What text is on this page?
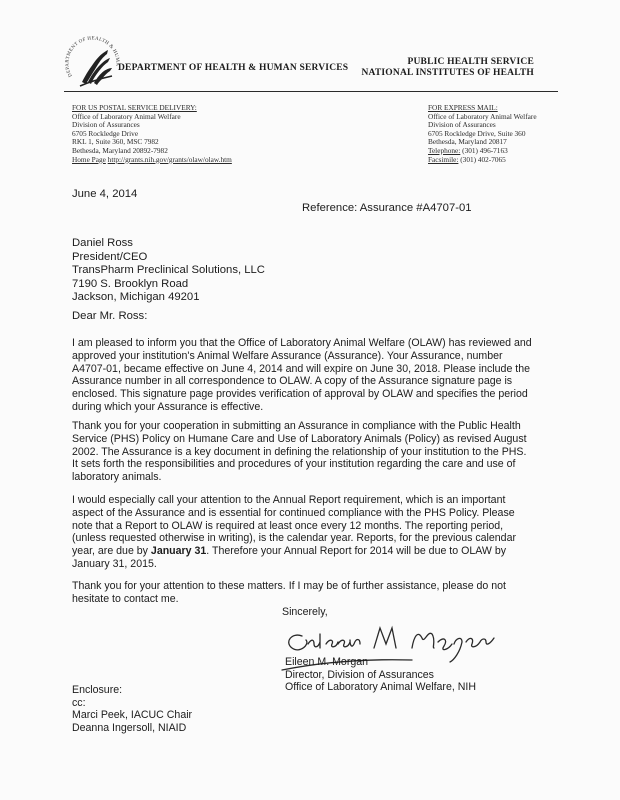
DEPARTMENT OF HEALTH & HUMA
DEPARTMENT OF HEALTH & HUMAN SERVICES
PUBLIC HEALTH SERVICE
NATIONAL INSTITUTES OF HEALTH
FOR US POSTAL SERVICE DELIVERY:
Office of Laboratory Animal Welfare
Division of Assurances
6705 Rockledge Drive
RKL 1, Suite 360, MSC 7982
Bethesda, Maryland 20892-7982
Home Page http://grants.nih.gov/grants/olaw/olaw.htm
FOR EXPRESS MAIL:
Office of Laboratory Animal Welfare
Division of Assurances
6705 Rockledge Drive, Suite 360
Bethesda, Maryland 20817
Telephone: (301) 496-7163
Facsimile: (301) 402-7065
June 4, 2014
Reference: Assurance #A4707-01
Daniel Ross
President/CEO
TransPharm Preclinical Solutions, LLC
7190 S. Brooklyn Road
Jackson, Michigan 49201
Dear Mr. Ross:
I am pleased to inform you that the Office of Laboratory Animal Welfare (OLAW) has reviewed and
approved your institution's Animal Welfare Assurance (Assurance). Your Assurance, number
A4707-01, became effective on June 4, 2014 and will expire on June 30, 2018. Please include the
Assurance number in all correspondence to OLAW. A copy of the Assurance signature page is
enclosed. This signature page provides verification of approval by OLAW and specifies the period
during which your Assurance is effective.
Thank you for your cooperation in submitting an Assurance in compliance with the Public Health
Service (PHS) Policy on Humane Care and Use of Laboratory Animals (Policy) as revised August
2002. The Assurance is a key document in defining the relationship of your institution to the PHS.
It sets forth the responsibilities and procedures of your institution regarding the care and use of
laboratory animals.
I would especially call your attention to the Annual Report requirement, which is an important
aspect of the Assurance and is essential for continued compliance with the PHS Policy. Please
note that a Report to OLAW is required at least once every 12 months. The reporting period,
(unless requested otherwise in writing), is the calendar year. Reports, for the previous calendar
year, are due by January 31. Therefore your Annual Report for 2014 will be due to OLAW by
January 31, 2015.
Thank you for your attention to these matters. If I may be of further assistance, please do not
hesitate to contact me.
Sincerely,
Eileen M. Morgan
Director, Division of Assurances
Office of Laboratory Animal Welfare, NIH
Enclosure:
cc:
Marci Peek, IACUC Chair
Deanna Ingersoll, NIAID
